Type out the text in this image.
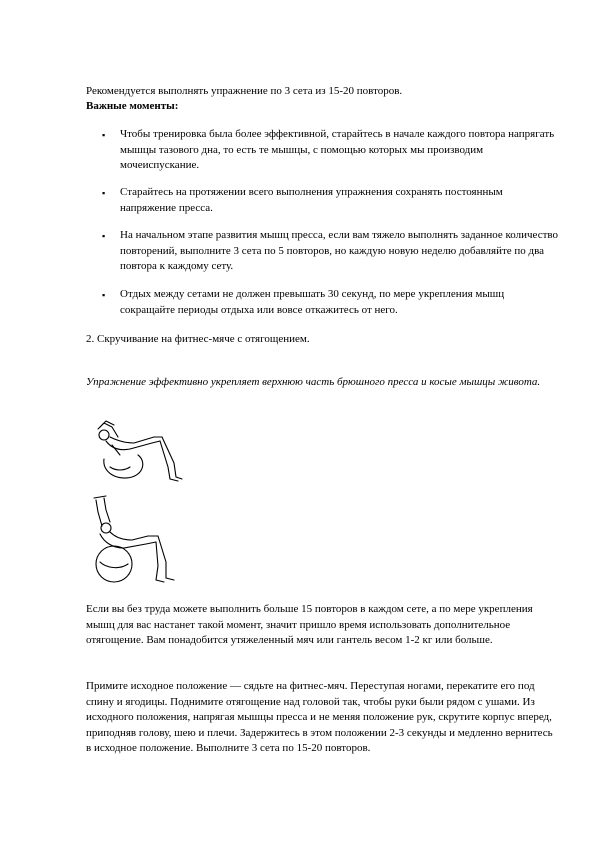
Рекомендуется выполнять упражнение по 3 сета из 15-20 повторов.
Важные моменты:
▪ Чтобы тренировка была более эффективной, старайтесь в начале каждого повтора напрягать мышцы тазового дна, то есть те мышцы, с помощью которых мы производим мочеиспускание.
▪ Старайтесь на протяжении всего выполнения упражнения сохранять постоянным напряжение пресса.
▪ На начальном этапе развития мышц пресса, если вам тяжело выполнять заданное количество повторений, выполните 3 сета по 5 повторов, но каждую новую неделю добавляйте по два повтора к каждому сету.
▪ Отдых между сетами не должен превышать 30 секунд, по мере укрепления мышц сокращайте периоды отдыха или вовсе откажитесь от него.
2. Скручивание на фитнес-мяче с отягощением.
Упражнение эффективно укрепляет верхнюю часть брюшного пресса и косые мышцы живота.
Если вы без труда можете выполнить больше 15 повторов в каждом сете, а по мере укрепления мышц для вас настанет такой момент, значит пришло время использовать дополнительное отягощение. Вам понадобится утяжеленный мяч или гантель весом 1-2 кг или больше.
Примите исходное положение — сядьте на фитнес-мяч. Переступая ногами, перекатите его под спину и ягодицы. Поднимите отягощение над головой так, чтобы руки были рядом с ушами. Из исходного положения, напрягая мышцы пресса и не меняя положение рук, скрутите корпус вперед, приподняв голову, шею и плечи. Задержитесь в этом положении 2-3 секунды и медленно вернитесь в исходное положение. Выполните 3 сета по 15-20 повторов.
